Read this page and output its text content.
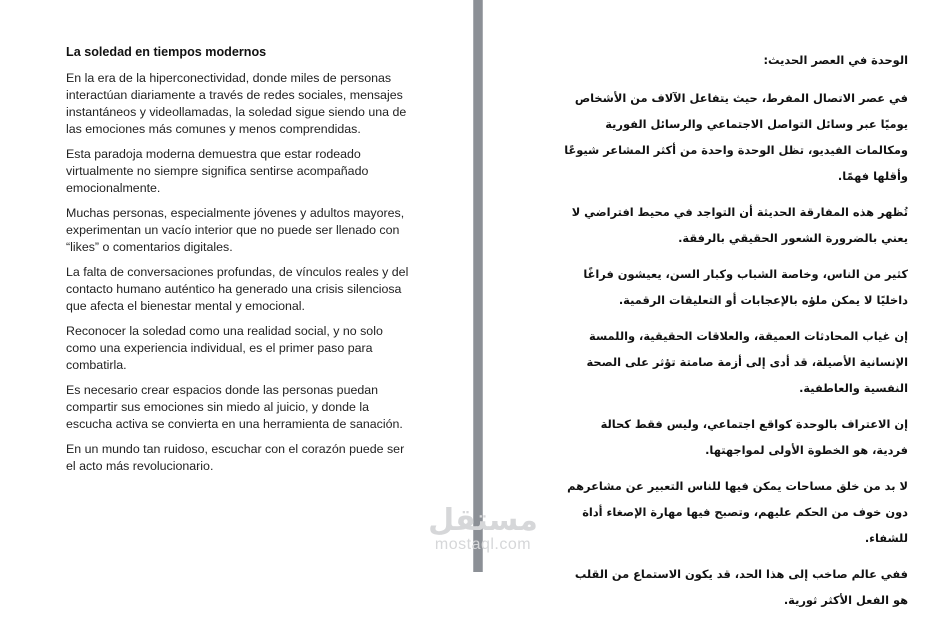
La soledad en tiempos modernos

En la era de la hiperconectividad, donde miles de personas interactúan diariamente a través de redes sociales, mensajes instantáneos y videollamadas, la soledad sigue siendo una de las emociones más comunes y menos comprendidas.

Esta paradoja moderna demuestra que estar rodeado virtualmente no siempre significa sentirse acompañado emocionalmente.

Muchas personas, especialmente jóvenes y adultos mayores, experimentan un vacío interior que no puede ser llenado con “likes” o comentarios digitales.

La falta de conversaciones profundas, de vínculos reales y del contacto humano auténtico ha generado una crisis silenciosa que afecta el bienestar mental y emocional.

Reconocer la soledad como una realidad social, y no solo como una experiencia individual, es el primer paso para combatirla.

Es necesario crear espacios donde las personas puedan compartir sus emociones sin miedo al juicio, y donde la escucha activa se convierta en una herramienta de sanación.

En un mundo tan ruidoso, escuchar con el corazón puede ser el acto más revolucionario.

الوحدة في العصر الحديث:

في عصر الاتصال المفرط، حيث يتفاعل الآلاف من الأشخاص يوميًا عبر وسائل التواصل الاجتماعي والرسائل الفورية ومكالمات الفيديو، تظل الوحدة واحدة من أكثر المشاعر شيوعًا وأقلها فهمًا.

تُظهر هذه المفارقة الحديثة أن التواجد في محيط افتراضي لا يعني بالضرورة الشعور الحقيقي بالرفقة.

كثير من الناس، وخاصة الشباب وكبار السن، يعيشون فراغًا داخليًا لا يمكن ملؤه بالإعجابات أو التعليقات الرقمية.

إن غياب المحادثات العميقة، والعلاقات الحقيقية، واللمسة الإنسانية الأصيلة، قد أدى إلى أزمة صامتة تؤثر على الصحة النفسية والعاطفية.

إن الاعتراف بالوحدة كواقع اجتماعي، وليس فقط كحالة فردية، هو الخطوة الأولى لمواجهتها.

لا بد من خلق مساحات يمكن فيها للناس التعبير عن مشاعرهم دون خوف من الحكم عليهم، وتصبح فيها مهارة الإصغاء أداة للشفاء.

ففي عالم صاخب إلى هذا الحد، قد يكون الاستماع من القلب هو الفعل الأكثر ثورية.

مستقل
mostaql.com
